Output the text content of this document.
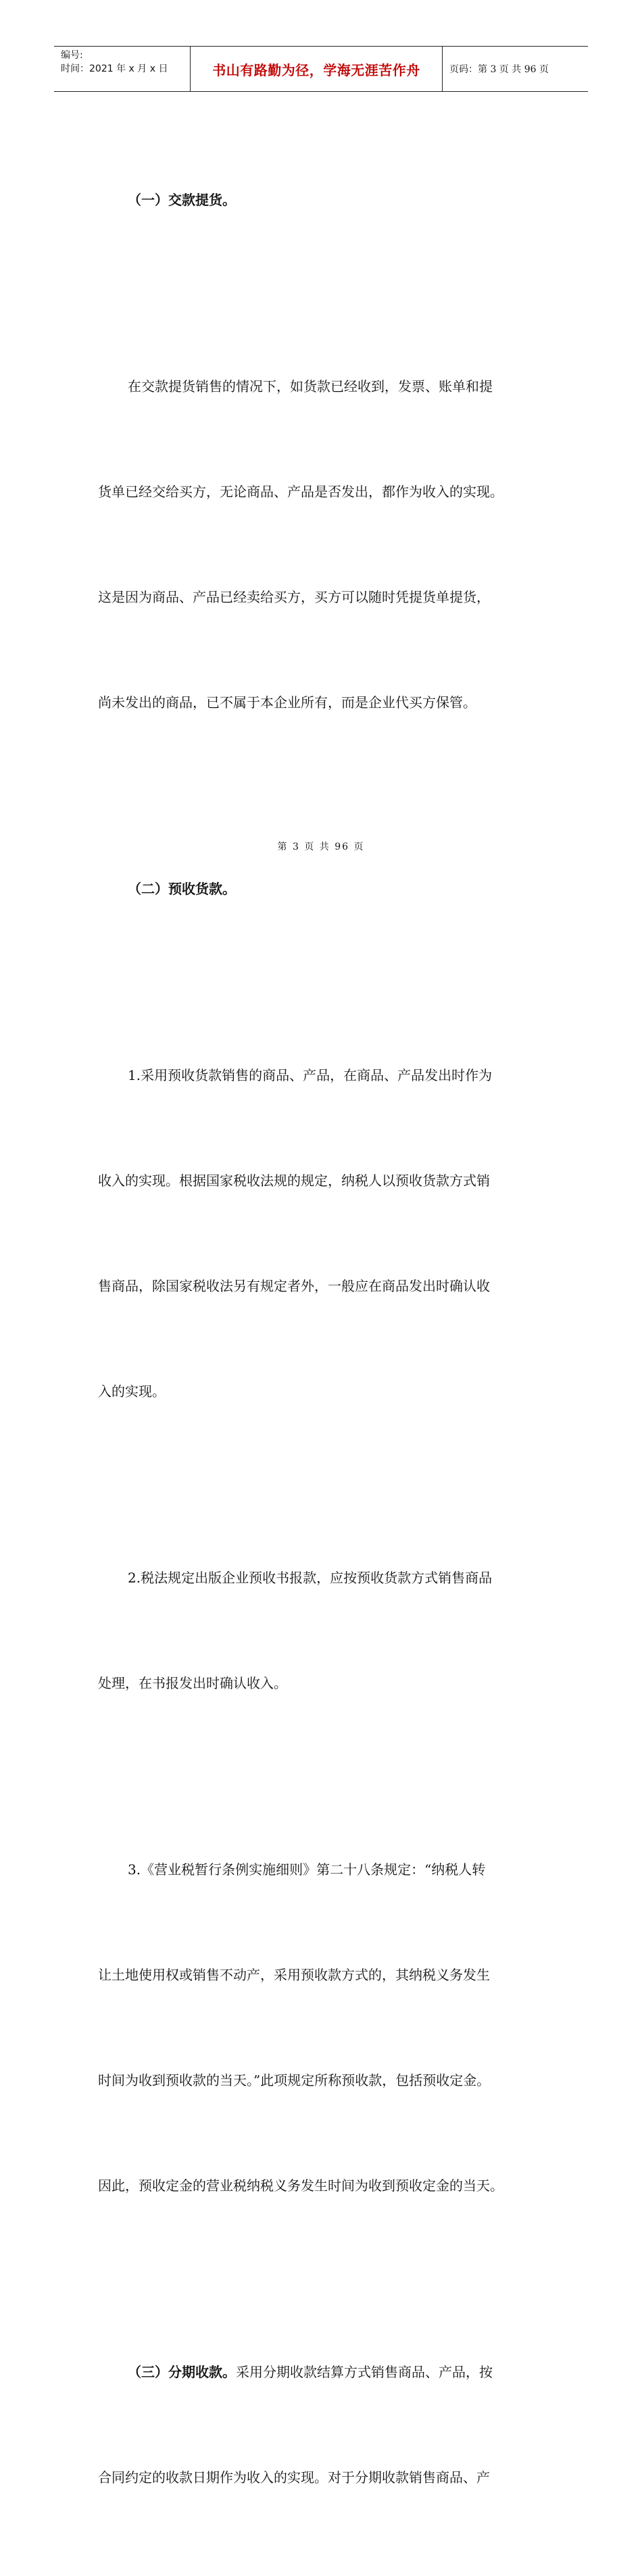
编号:
时间：2021 年 x 月 x 日	书山有路勤为径，学海无涯苦作舟	页码：第 3 页 共 96 页

（一）交款提货。

在交款提货销售的情况下，如货款已经收到，发票、账单和提

货单已经交给买方，无论商品、产品是否发出，都作为收入的实现。

这是因为商品、产品已经卖给买方，买方可以随时凭提货单提货，

尚未发出的商品，已不属于本企业所有，而是企业代买方保管。

（二）预收货款。

1.采用预收货款销售的商品、产品，在商品、产品发出时作为

收入的实现。根据国家税收法规的规定，纳税人以预收货款方式销

售商品，除国家税收法另有规定者外，一般应在商品发出时确认收

入的实现。

2.税法规定出版企业预收书报款，应按预收货款方式销售商品

处理，在书报发出时确认收入。

3.《营业税暂行条例实施细则》第二十八条规定：“纳税人转

让土地使用权或销售不动产，采用预收款方式的，其纳税义务发生

时间为收到预收款的当天。”此项规定所称预收款，包括预收定金。

因此，预收定金的营业税纳税义务发生时间为收到预收定金的当天。

（三）分期收款。采用分期收款结算方式销售商品、产品，按

合同约定的收款日期作为收入的实现。对于分期收款销售商品、产

第 3 页 共 96 页
